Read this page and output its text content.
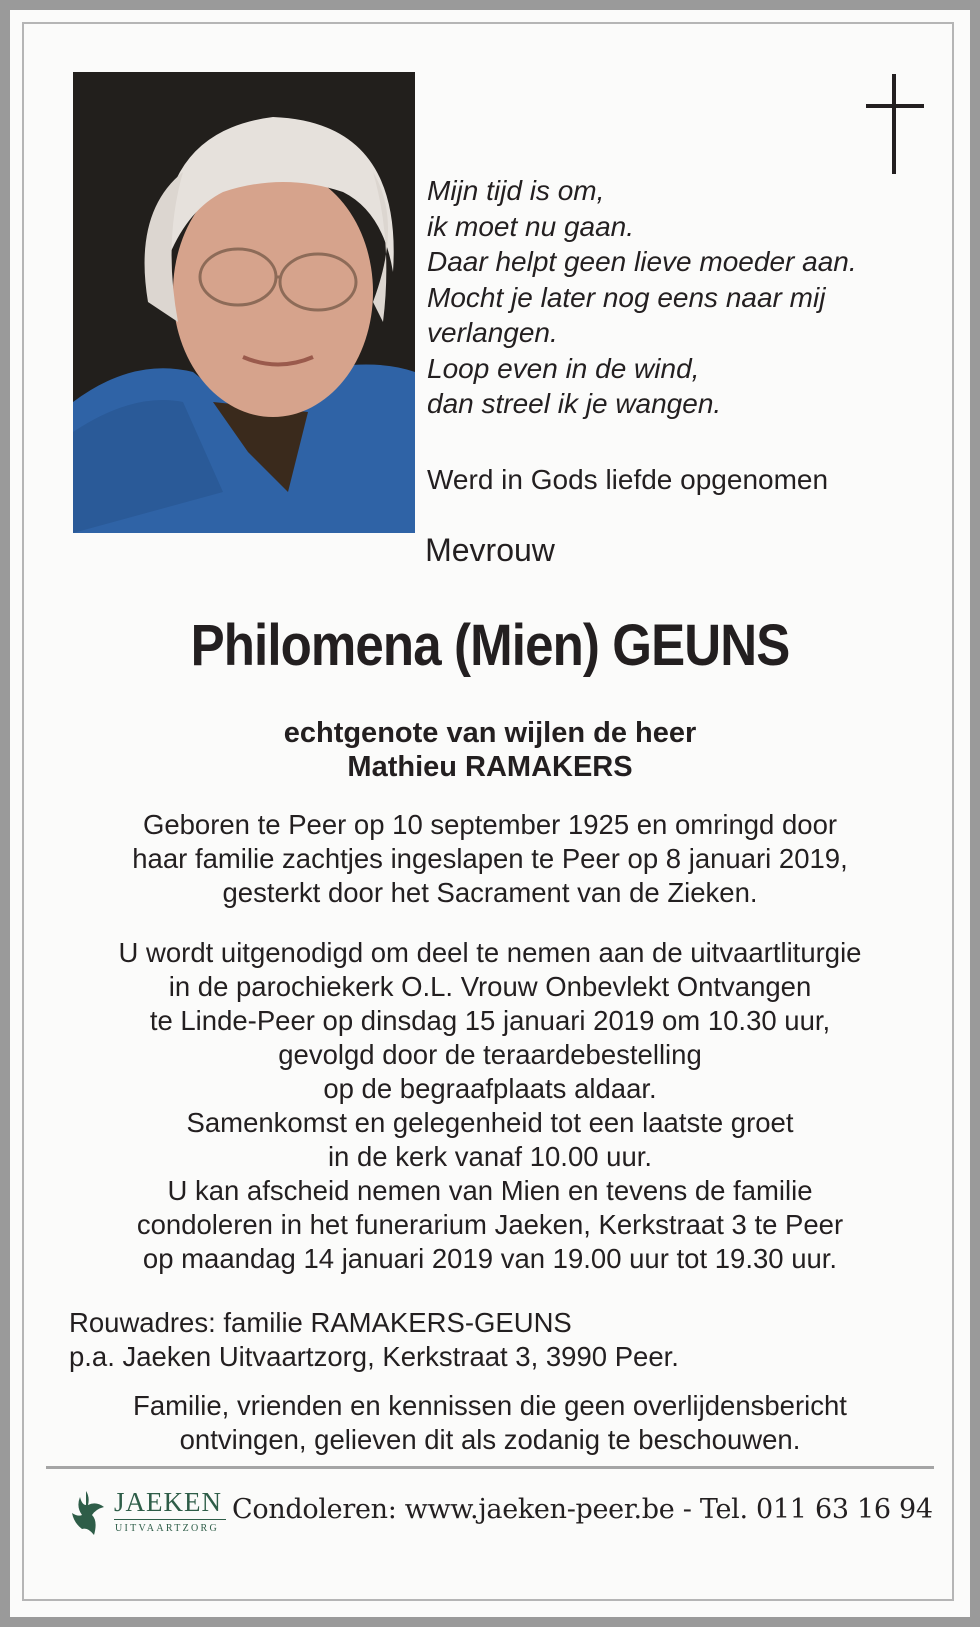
Mijn tijd is om,
ik moet nu gaan.
Daar helpt geen lieve moeder aan.
Mocht je later nog eens naar mij
verlangen.
Loop even in de wind,
dan streel ik je wangen.
Werd in Gods liefde opgenomen
Mevrouw
Philomena (Mien) GEUNS
echtgenote van wijlen de heer
Mathieu RAMAKERS
Geboren te Peer op 10 september 1925 en omringd door
haar familie zachtjes ingeslapen te Peer op 8 januari 2019,
gesterkt door het Sacrament van de Zieken.
U wordt uitgenodigd om deel te nemen aan de uitvaartliturgie
in de parochiekerk O.L. Vrouw Onbevlekt Ontvangen
te Linde-Peer op dinsdag 15 januari 2019 om 10.30 uur,
gevolgd door de teraardebestelling
op de begraafplaats aldaar.
Samenkomst en gelegenheid tot een laatste groet
in de kerk vanaf 10.00 uur.
U kan afscheid nemen van Mien en tevens de familie
condoleren in het funerarium Jaeken, Kerkstraat 3 te Peer
op maandag 14 januari 2019 van 19.00 uur tot 19.30 uur.
Rouwadres: familie RAMAKERS-GEUNS
p.a. Jaeken Uitvaartzorg, Kerkstraat 3, 3990 Peer.
Familie, vrienden en kennissen die geen overlijdensbericht
ontvingen, gelieven dit als zodanig te beschouwen.
JAEKEN
UITVAARTZORG
Condoleren: www.jaeken-peer.be - Tel. 011 63 16 94
